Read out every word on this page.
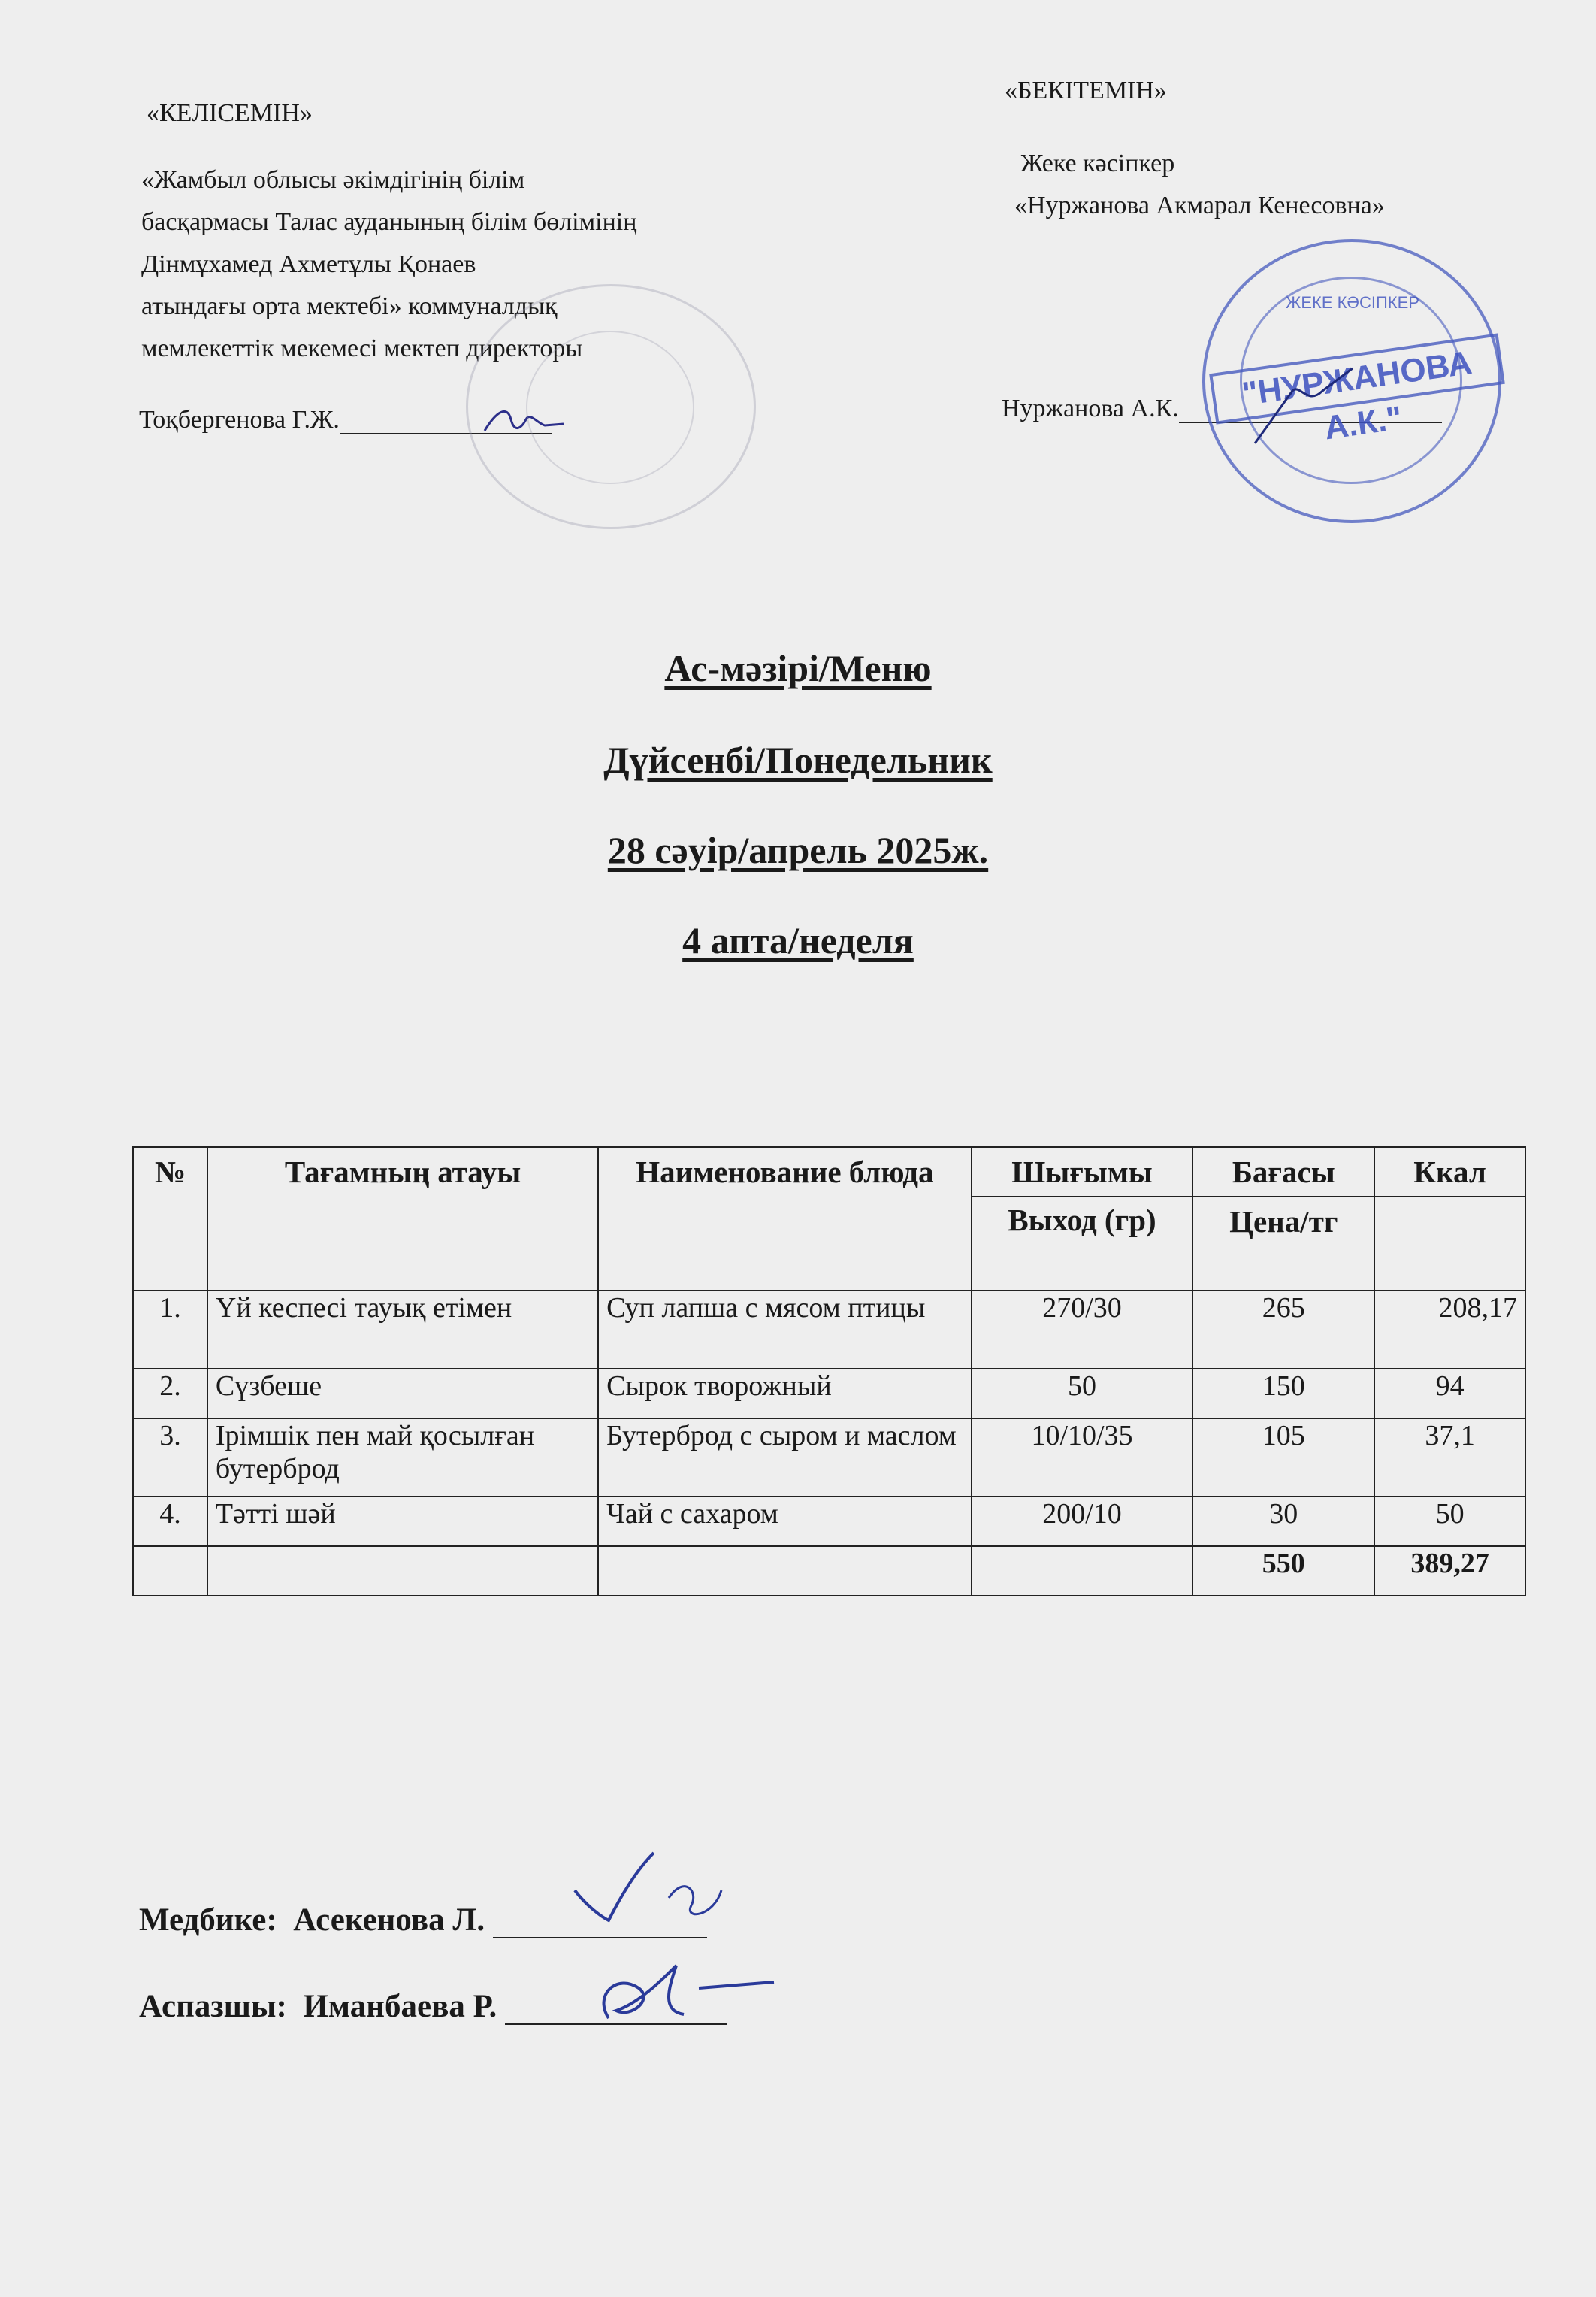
«КЕЛІСЕМІН»
«Жамбыл облысы әкімдігінің білім
басқармасы Талас ауданының білім бөлімінің
Дінмұхамед Ахметұлы Қонаев
атындағы орта мектебі» коммуналдық
мемлекеттік мекемесі мектеп директоры
Тоқбергенова Г.Ж.
«БЕКІТЕМІН»
Жеке кәсіпкер
«Нуржанова Акмарал Кенесовна»
Нуржанова А.К.
ЖЕКЕ КӘСІПКЕР
"НУРЖАНОВА А.К."
Ас-мәзірі/Меню
Дүйсенбі/Понедельник
28 сәуір/апрель 2025ж.
4 апта/неделя
№	Тағамның атауы	Наименование блюда	Шығымы	Бағасы	Ккал
			Выход (гр)	Цена/тг	
1.	Үй кеспесі тауық етімен	Суп лапша с мясом птицы	270/30	265	208,17
2.	Сүзбеше	Сырок творожный	50	150	94
3.	Ірімшік пен май қосылған бутерброд	Бутерброд с сыром и маслом	10/10/35	105	37,1
4.	Тәтті шәй	Чай с сахаром	200/10	30	50
				550	389,27
Медбике: Асекенова Л.
Аспазшы: Иманбаева Р.
